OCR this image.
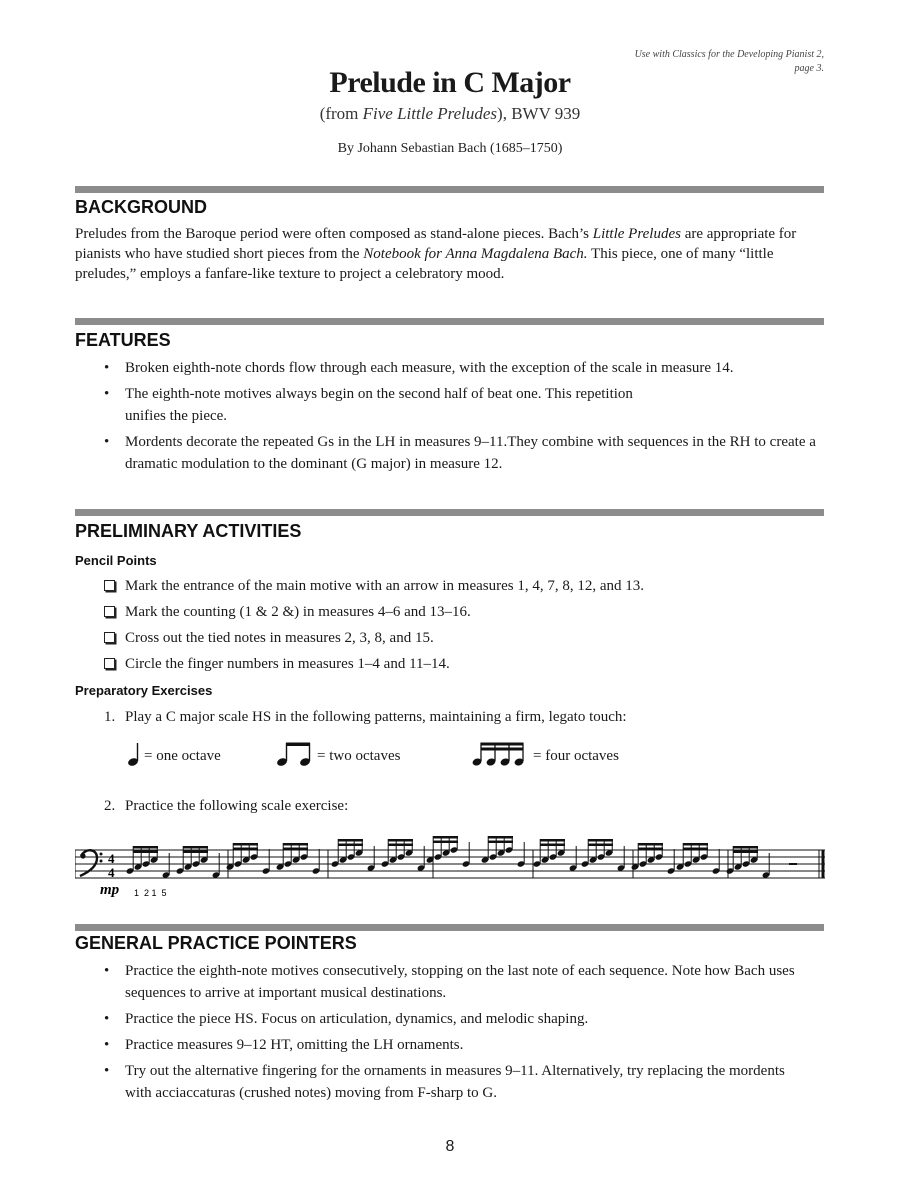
Use with Classics for the Developing Pianist 2,
page 3.
Prelude in C Major
(from Five Little Preludes), BWV 939
By Johann Sebastian Bach (1685–1750)
BACKGROUND
Preludes from the Baroque period were often composed as stand-alone pieces. Bach’s Little Preludes are appropriate for pianists who have studied short pieces from the Notebook for Anna Magdalena Bach. This piece, one of many “little preludes,” employs a fanfare-like texture to project a celebratory mood.
FEATURES
• Broken eighth-note chords flow through each measure, with the exception of the scale in measure 14.
• The eighth-note motives always begin on the second half of beat one. This repetition unifies the piece.
• Mordents decorate the repeated Gs in the LH in measures 9–11.They combine with sequences in the RH to create a dramatic modulation to the dominant (G major) in measure 12.
PRELIMINARY ACTIVITIES
Pencil Points
Mark the entrance of the main motive with an arrow in measures 1, 4, 7, 8, 12, and 13.
Mark the counting (1 & 2 &) in measures 4–6 and 13–16.
Cross out the tied notes in measures 2, 3, 8, and 15.
Circle the finger numbers in measures 1–4 and 11–14.
Preparatory Exercises
1. Play a C major scale HS in the following patterns, maintaining a firm, legato touch:
= one octave	= two octaves	= four octaves
2. Practice the following scale exercise:
4
4
mp 1  2 1  5
GENERAL PRACTICE POINTERS
• Practice the eighth-note motives consecutively, stopping on the last note of each sequence. Note how Bach uses sequences to arrive at important musical destinations.
• Practice the piece HS. Focus on articulation, dynamics, and melodic shaping.
• Practice measures 9–12 HT, omitting the LH ornaments.
• Try out the alternative fingering for the ornaments in measures 9–11. Alternatively, try replacing the mordents with acciaccaturas (crushed notes) moving from F-sharp to G.
8
